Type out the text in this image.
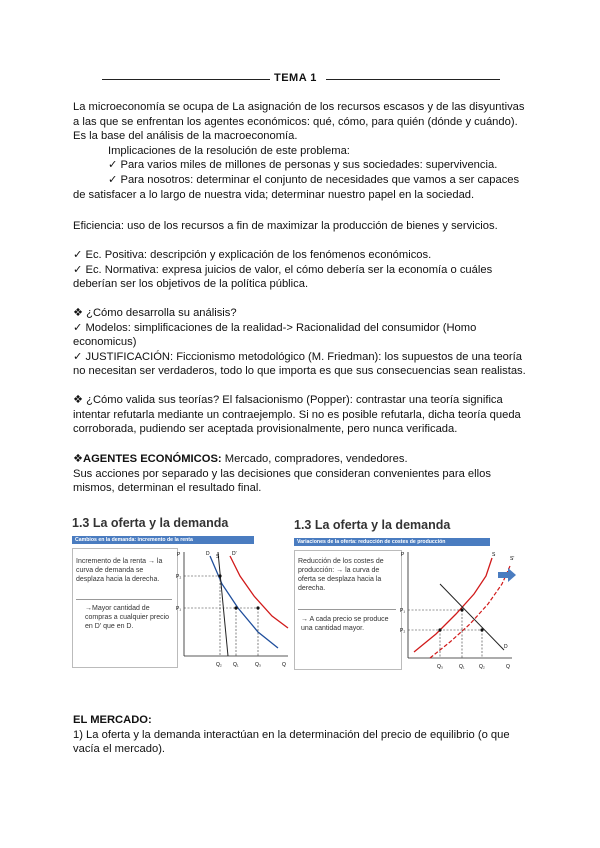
TEMA 1

La microeconomía se ocupa de La asignación de los recursos escasos y de las disyuntivas a las que se enfrentan los agentes económicos: qué, cómo, para quién (dónde y cuándo).

Es la base del análisis de la macroeconomía.

Implicaciones de la resolución de este problema:

✓ Para varios miles de millones de personas y sus sociedades: supervivencia.

✓ Para nosotros: determinar el conjunto de necesidades que vamos a ser capaces

de satisfacer a lo largo de nuestra vida; determinar nuestro papel en la sociedad.

Eficiencia: uso de los recursos a fin de maximizar la producción de bienes y servicios.

✓ Ec. Positiva: descripción y explicación de los fenómenos económicos.

✓ Ec. Normativa: expresa juicios de valor, el cómo debería ser la economía o cuáles deberían ser los objetivos de la política pública.

❖ ¿Cómo desarrolla su análisis?

✓ Modelos: simplificaciones de la realidad-> Racionalidad del consumidor (Homo economicus)

✓ JUSTIFICACIÓN: Ficcionismo metodológico (M. Friedman): los supuestos de una teoría no necesitan ser verdaderos, todo lo que importa es que sus consecuencias sean realistas.

❖ ¿Cómo valida sus teorías? El falsacionismo (Popper): contrastar una teoría significa intentar refutarla mediante un contraejemplo. Si no es posible refutarla, dicha teoría queda corroborada, pudiendo ser aceptada provisionalmente, pero nunca verificada.

❖AGENTES ECONÓMICOS: Mercado, compradores, vendedores.

Sus acciones por separado y las decisiones que consideran convenientes para ellos mismos, determinan el resultado final.

1.3 La oferta y la demanda
Cambios en la demanda: incremento de la renta
Incremento de la renta → la curva de demanda se desplaza hacia la derecha.
→Mayor cantidad de compras a cualquier precio en D' que en D.
P
Q
S
D	D'
P₂
P₁
Q₂ Q₁	Q₃
1.3 La oferta y la demanda
Variaciones de la oferta: reducción de costes de producción
Reducción de los costes de producción: → la curva de oferta se desplaza hacia la derecha.
→ A cada precio se produce una cantidad mayor.
P
Q
S
S'
D
P₁
P₂
Q₃	Q₁	Q₂

EL MERCADO:

1) La oferta y la demanda interactúan en la determinación del precio de equilibrio (o que vacía el mercado).
